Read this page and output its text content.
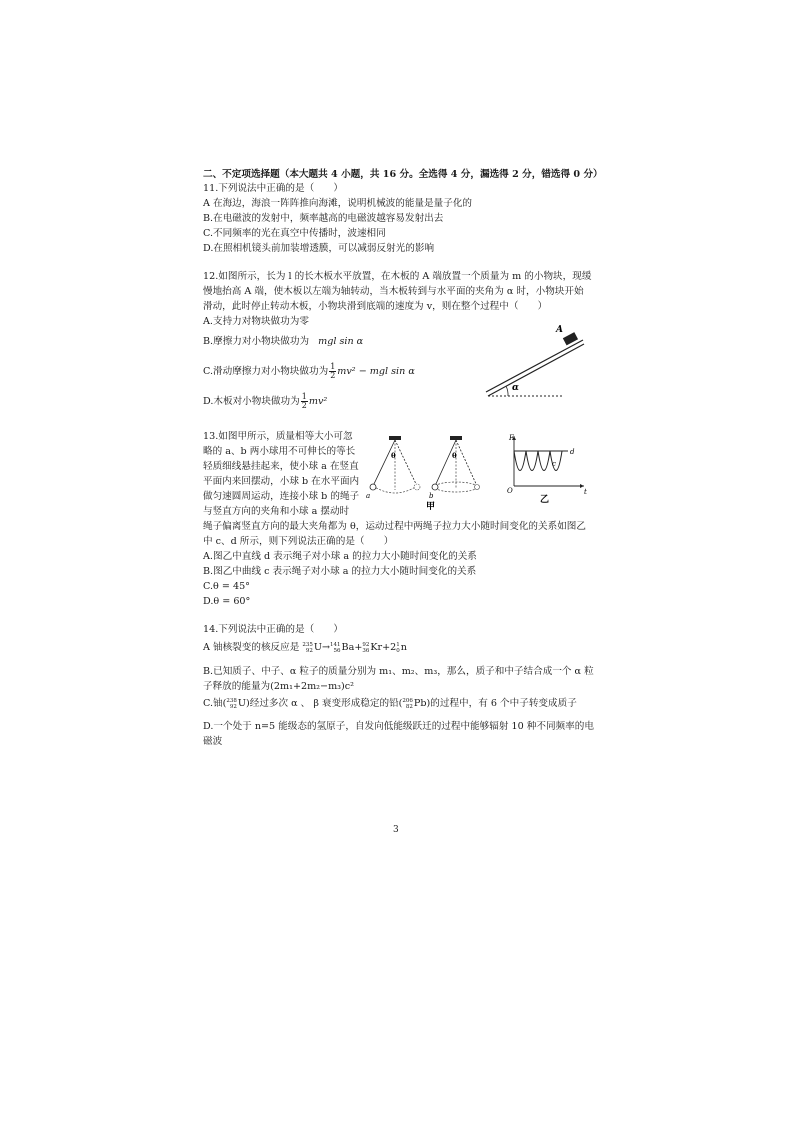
二、不定项选择题（本大题共 4 小题，共 16 分。全选得 4 分，漏选得 2 分，错选得 0 分）
11.下列说法中正确的是（　　）
A 在海边，海浪一阵阵推向海滩，说明机械波的能量是量子化的
B.在电磁波的发射中，频率越高的电磁波越容易发射出去
C.不同频率的光在真空中传播时，波速相同
D.在照相机镜头前加装增透膜，可以减弱反射光的影响
12.如图所示，长为 l 的长木板水平放置，在木板的 A 端放置一个质量为 m 的小物块，现缓
慢地抬高 A 端，使木板以左端为轴转动，当木板转到与水平面的夹角为 α 时，小物块开始
滑动，此时停止转动木板，小物块滑到底端的速度为 v，则在整个过程中（　　）
A.支持力对物块做功为零
B.摩擦力对小物块做功为 mgl sin α
C.滑动摩擦力对小物块做功为 $\frac{1}{2} mv^2$ − mgl sin α
D.木板对小物块做功为 $\frac{1}{2} mv^2$
A
α
13.如图甲所示，质量相等大小可忽
略的 a、b 两小球用不可伸长的等长
轻质细线悬挂起来，使小球 a 在竖直
平面内来回摆动，小球 b 在水平面内
做匀速圆周运动，连接小球 b 的绳子
与竖直方向的夹角和小球 a 摆动时
绳子偏离竖直方向的最大夹角都为 θ，运动过程中两绳子拉力大小随时间变化的关系如图乙
中 c、d 所示，则下列说法正确的是（　　）
A.图乙中直线 d 表示绳子对小球 a 的拉力大小随时间变化的关系
B.图乙中曲线 c 表示绳子对小球 a 的拉力大小随时间变化的关系
C.θ = 45°
D.θ = 60°
θ
a
θ
b
甲
F
O	t
d
c
乙
14.下列说法中正确的是（　　）
A 铀核裂变的核反应是 235
92 U→ 141
56 Ba+ 92
36 Kr+2 1
0 n
B.已知质子、中子、α 粒子的质量分别为 m₁、m₂、m₃，那么，质子和中子结合成一个 α 粒
子释放的能量为(2m₁+2m₂−m₃)c²
C.铀( 238
92 U)经过多次 α 、 β 衰变形成稳定的铅( 206
82 Pb)的过程中，有 6 个中子转变成质子
D.一个处于 n=5 能级态的氢原子，自发向低能级跃迁的过程中能够辐射 10 种不同频率的电
磁波
3
